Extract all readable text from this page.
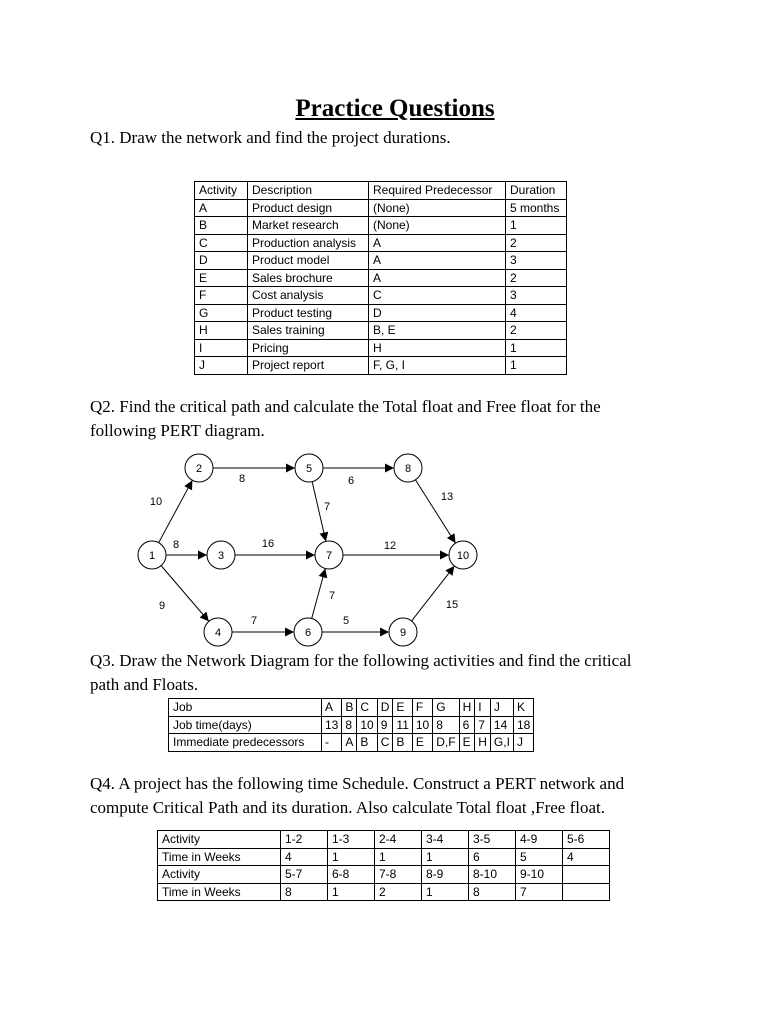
Practice Questions
Q1. Draw the network and find the project durations.
Activity	Description	Required Predecessor	Duration
A	Product design	(None)	5 months
B	Market research	(None)	1
C	Production analysis	A	2
D	Product model	A	3
E	Sales brochure	A	2
F	Cost analysis	C	3
G	Product testing	D	4
H	Sales training	B, E	2
I	Pricing	H	1
J	Project report	F, G, I	1
Q2. Find the critical path and calculate the Total float and Free float for the
following PERT diagram.
10
8
9
8	6
7
16	12
13
7
7
5
15
1
2
3
4
5
6
7
8
9
10
Q3. Draw the Network Diagram for the following activities and find the critical
path and Floats.
Job	A	B	C	D	E	F	G	H	I	J	K
Job time(days)	13	8	10	9	11	10	8	6	7	14	18
Immediate predecessors	-	A	B	C	B	E	D,F	E	H	G,I	J
Q4. A project has the following time Schedule. Construct a PERT network and
compute Critical Path and its duration. Also calculate Total float ,Free float.
Activity	1-2	1-3	2-4	3-4	3-5	4-9	5-6
Time in Weeks	4	1	1	1	6	5	4
Activity	5-7	6-8	7-8	8-9	8-10	9-10	
Time in Weeks	8	1	2	1	8	7	
